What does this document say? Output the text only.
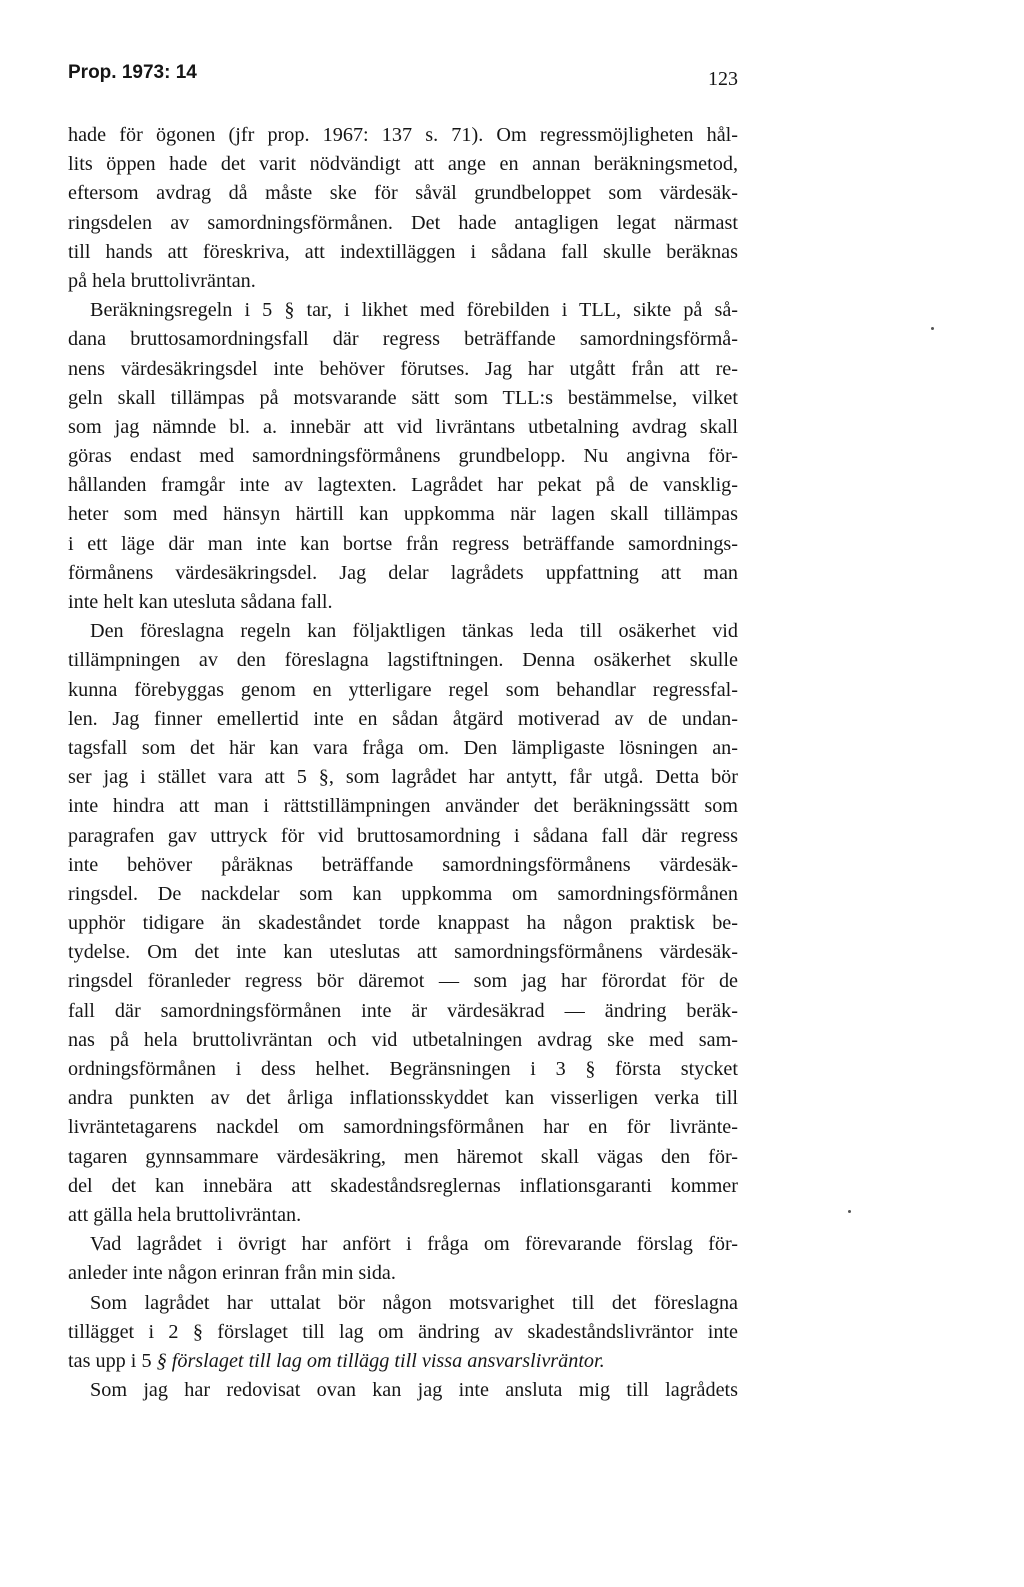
Prop. 1973: 14	123
hade för ögonen (jfr prop. 1967: 137 s. 71). Om regressmöjligheten hål-
lits öppen hade det varit nödvändigt att ange en annan beräkningsmetod,
eftersom avdrag då måste ske för såväl grundbeloppet som värdesäk-
ringsdelen av samordningsförmånen. Det hade antagligen legat närmast
till hands att föreskriva, att indextilläggen i sådana fall skulle beräknas
på hela bruttolivräntan.
Beräkningsregeln i 5 § tar, i likhet med förebilden i TLL, sikte på så-
dana bruttosamordningsfall där regress beträffande samordningsförmå-
nens värdesäkringsdel inte behöver förutses. Jag har utgått från att re-
geln skall tillämpas på motsvarande sätt som TLL:s bestämmelse, vilket
som jag nämnde bl. a. innebär att vid livräntans utbetalning avdrag skall
göras endast med samordningsförmånens grundbelopp. Nu angivna för-
hållanden framgår inte av lagtexten. Lagrådet har pekat på de vansklig-
heter som med hänsyn härtill kan uppkomma när lagen skall tillämpas
i ett läge där man inte kan bortse från regress beträffande samordnings-
förmånens värdesäkringsdel. Jag delar lagrådets uppfattning att man
inte helt kan utesluta sådana fall.
Den föreslagna regeln kan följaktligen tänkas leda till osäkerhet vid
tillämpningen av den föreslagna lagstiftningen. Denna osäkerhet skulle
kunna förebyggas genom en ytterligare regel som behandlar regressfal-
len. Jag finner emellertid inte en sådan åtgärd motiverad av de undan-
tagsfall som det här kan vara fråga om. Den lämpligaste lösningen an-
ser jag i stället vara att 5 §, som lagrådet har antytt, får utgå. Detta bör
inte hindra att man i rättstillämpningen använder det beräkningssätt som
paragrafen gav uttryck för vid bruttosamordning i sådana fall där regress
inte behöver påräknas beträffande samordningsförmånens värdesäk-
ringsdel. De nackdelar som kan uppkomma om samordningsförmånen
upphör tidigare än skadeståndet torde knappast ha någon praktisk be-
tydelse. Om det inte kan uteslutas att samordningsförmånens värdesäk-
ringsdel föranleder regress bör däremot — som jag har förordat för de
fall där samordningsförmånen inte är värdesäkrad — ändring beräk-
nas på hela bruttolivräntan och vid utbetalningen avdrag ske med sam-
ordningsförmånen i dess helhet. Begränsningen i 3 § första stycket
andra punkten av det årliga inflationsskyddet kan visserligen verka till
livräntetagarens nackdel om samordningsförmånen har en för livränte-
tagaren gynnsammare värdesäkring, men häremot skall vägas den för-
del det kan innebära att skadeståndsreglernas inflationsgaranti kommer
att gälla hela bruttolivräntan.
Vad lagrådet i övrigt har anfört i fråga om förevarande förslag för-
anleder inte någon erinran från min sida.
Som lagrådet har uttalat bör någon motsvarighet till det föreslagna
tillägget i 2 § förslaget till lag om ändring av skadeståndslivräntor inte
tas upp i 5 § förslaget till lag om tillägg till vissa ansvarslivräntor.
Som jag har redovisat ovan kan jag inte ansluta mig till lagrådets
